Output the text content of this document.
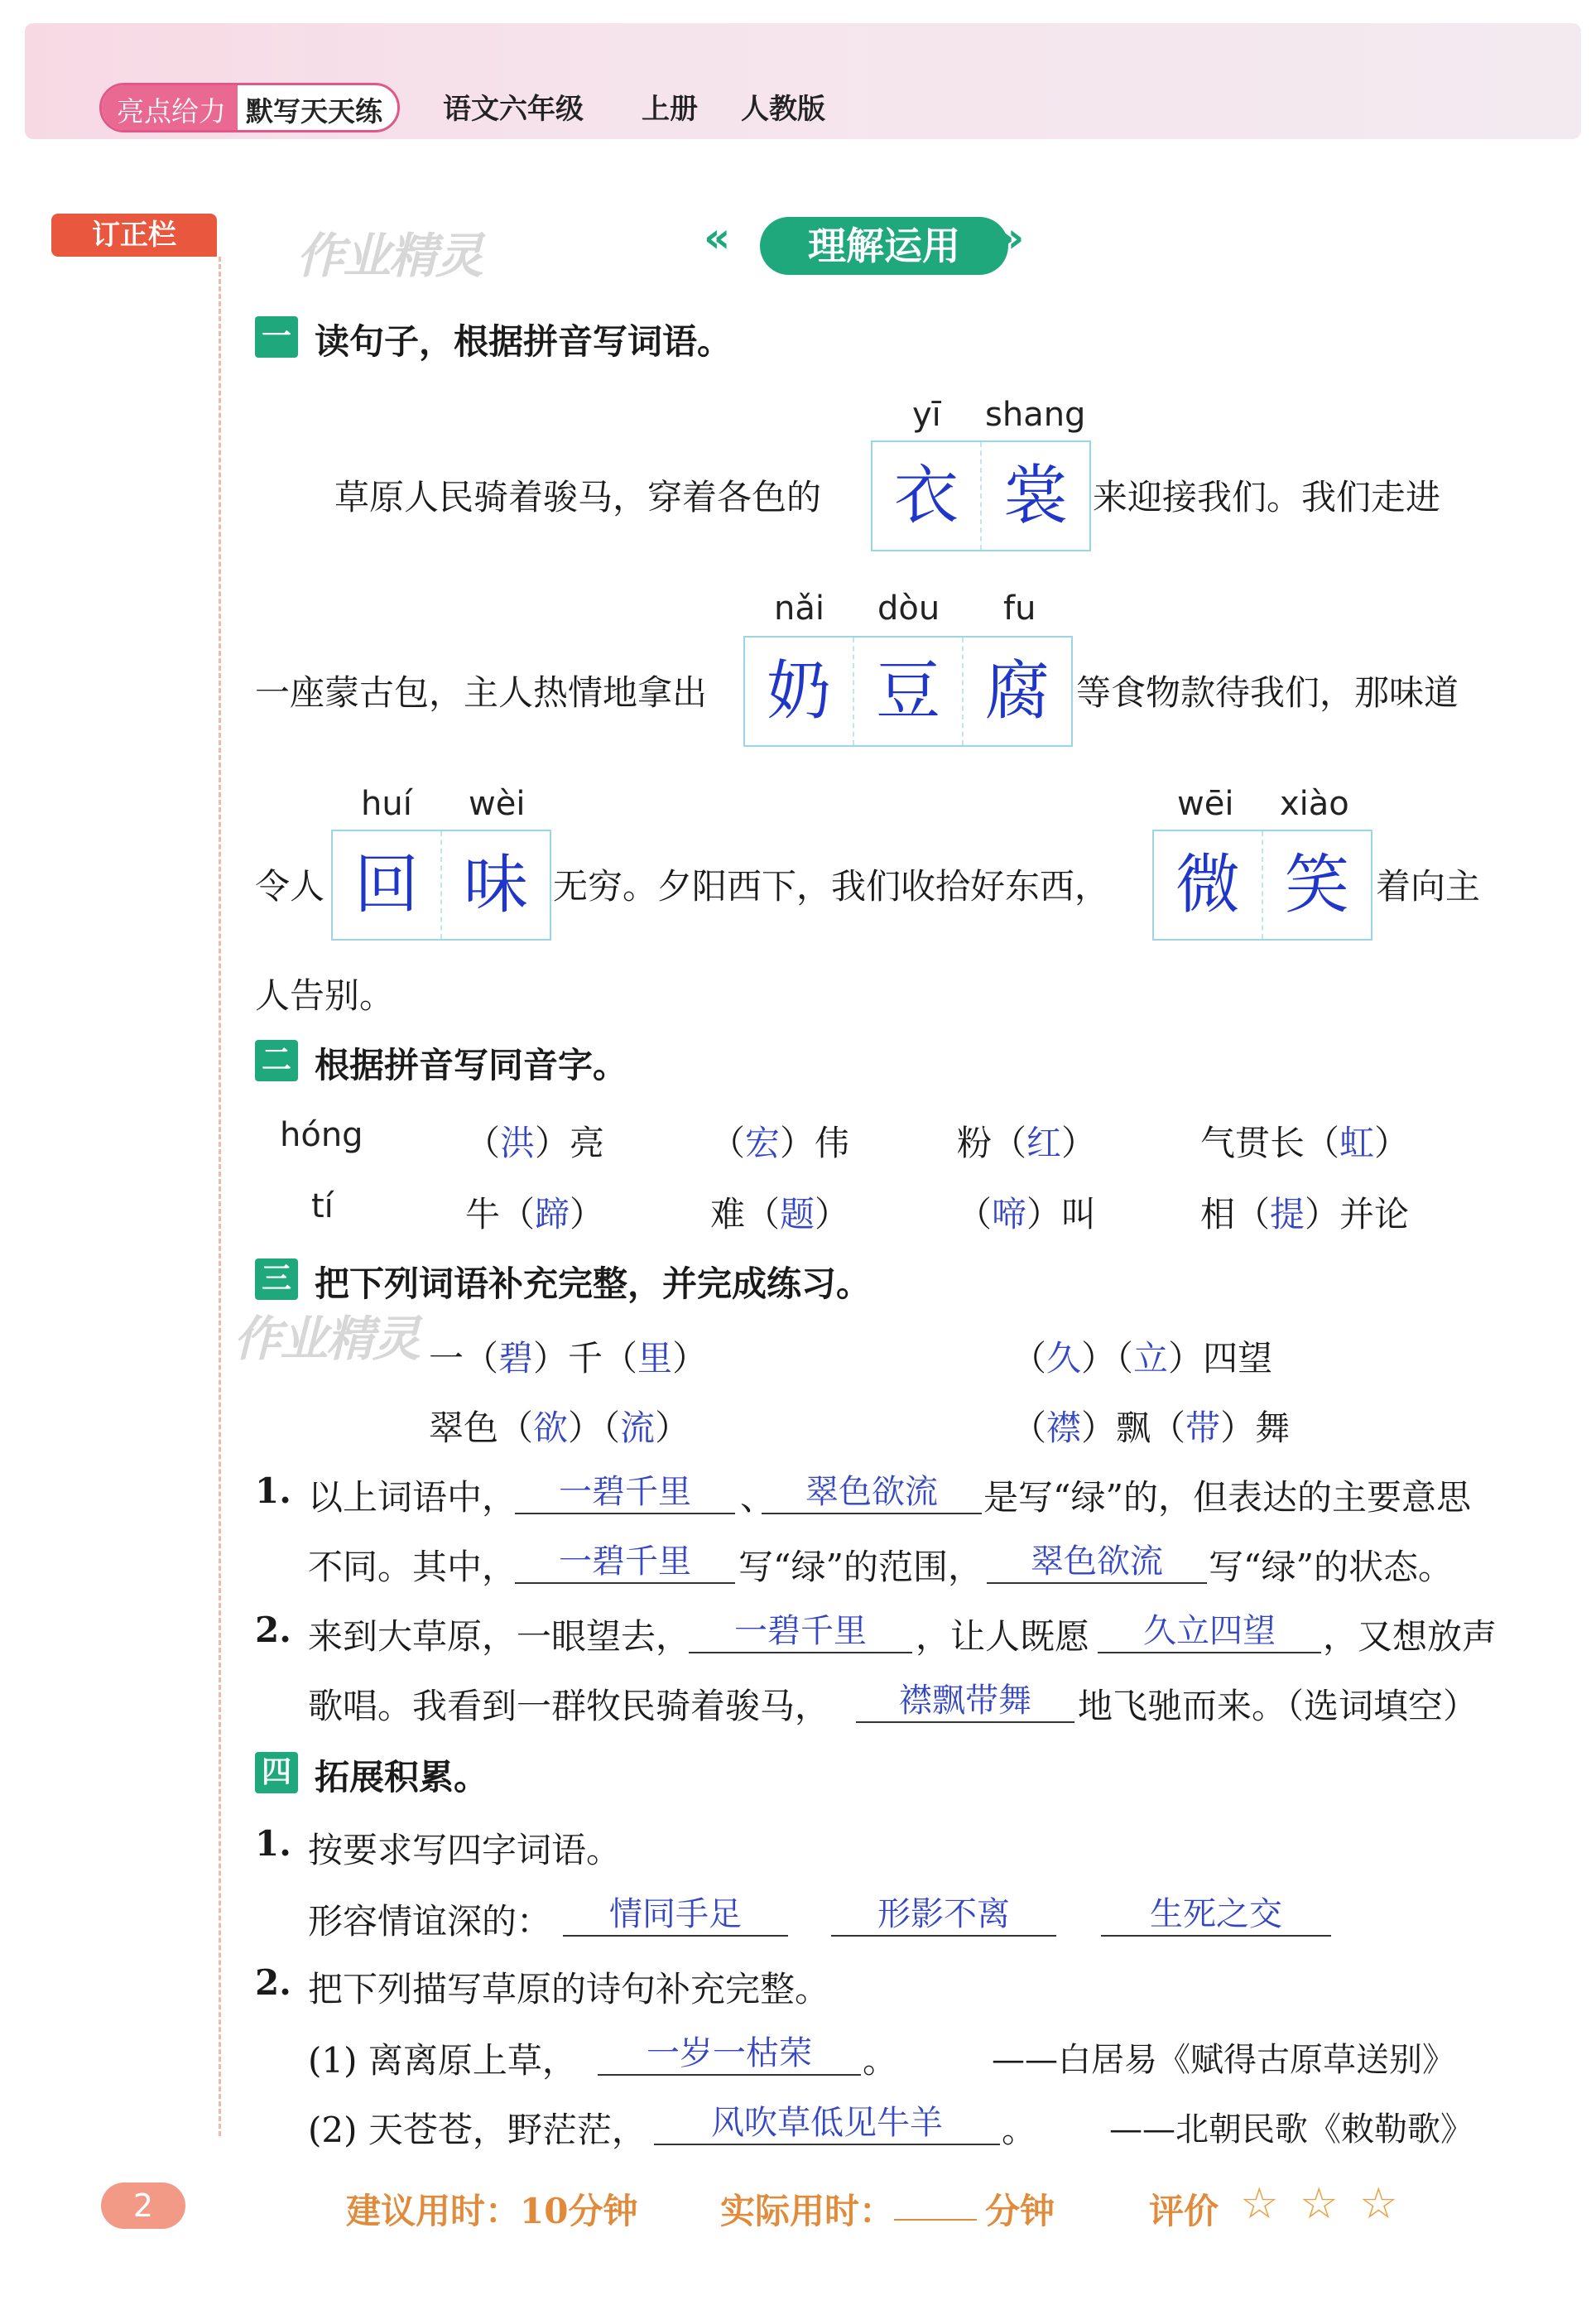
亮点给力 默写天天练	语文六年级 上册 人教版
订正栏	作业精灵
作业精灵
«	理解运用 »
一 读句子，根据拼音写词语。
yī shang
草原人民骑着骏马，穿着各色的	衣 裳 来迎接我们。我们走进
nǎi dòu fu
一座蒙古包，主人热情地拿出 奶 豆 腐 等食物款待我们，那味道
huí wèi	wēi xiào
令人 回 味 无穷。夕阳西下，我们收拾好东西，	微 笑 着向主
人告别。
二 根据拼音写同音字。
hóng	（洪）亮	（宏）伟	粉（红）	气贯长（虹）
tí	牛（蹄）	难（题）	（啼）叫	相（提）并论
三 把下列词语补充完整，并完成练习。
一（碧）千（里）	（久）（立）四望
翠色（欲）（流）	（襟）飘（带）舞
1. 以上词语中，	一碧千里	、 翠色欲流	是写“绿”的，但表达的主要意思
不同。其中，	一碧千里	写“绿”的范围，	翠色欲流	写“绿”的状态。
2. 来到大草原，一眼望去，	一碧千里	，让人既愿	久立四望	，又想放声
歌唱。我看到一群牧民骑着骏马，	襟飘带舞	地飞驰而来。（选词填空）
四 拓展积累。
1. 按要求写四字词语。
形容情谊深的：	情同手足	形影不离	生死之交
2. 把下列描写草原的诗句补充完整。
(1) 离离原上草，	一岁一枯荣	。	——白居易《赋得古原草送别》
(2) 天苍苍，野茫茫，	风吹草低见牛羊	。 ——北朝民歌《敕勒歌》
2	建议用时：10分钟 实际用时：	分钟	评价 ☆ ☆ ☆
